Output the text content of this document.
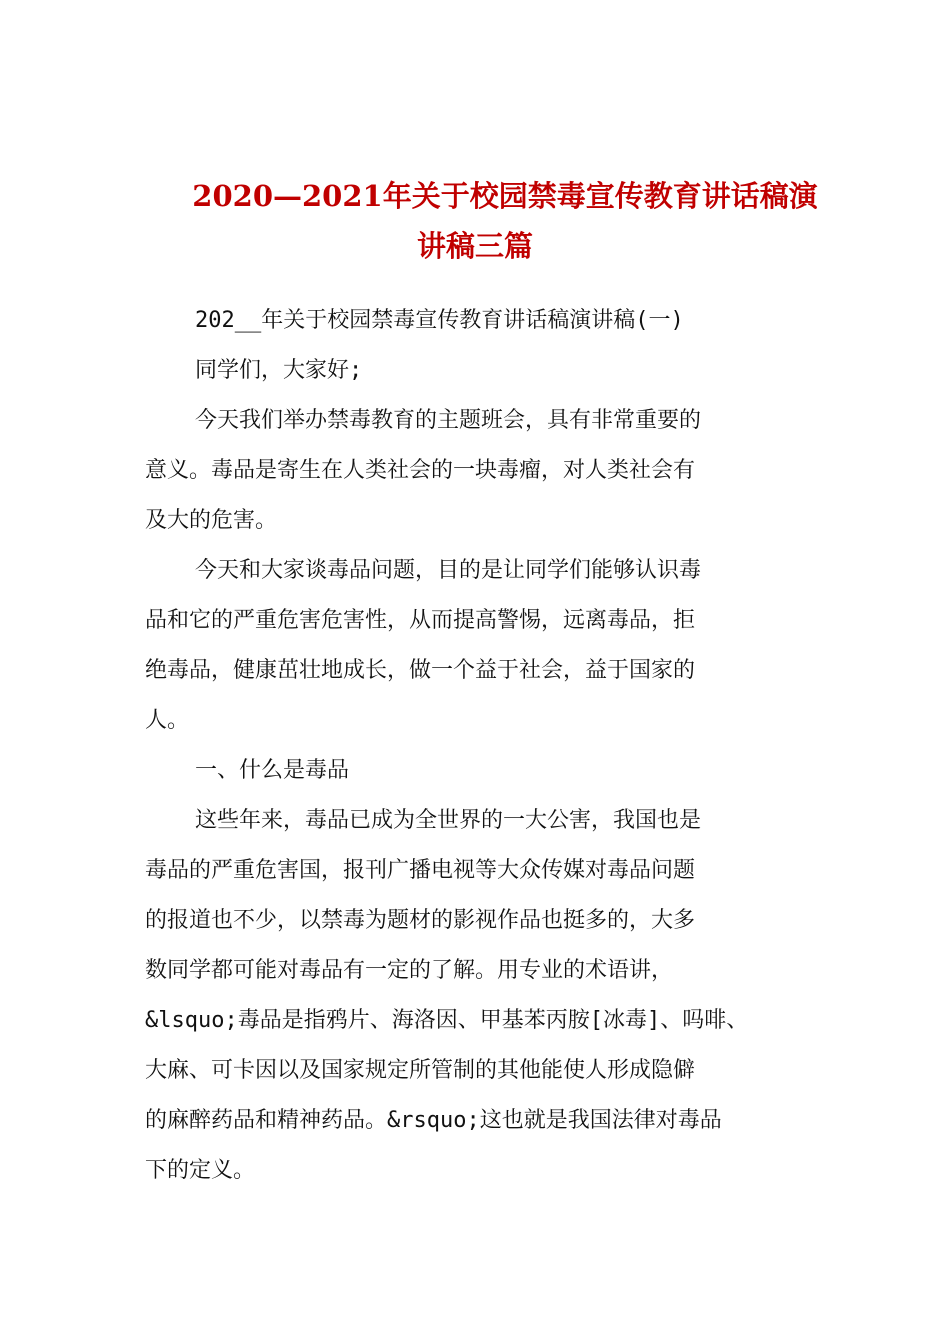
2020—2021年关于校园禁毒宣传教育讲话稿演
讲稿三篇
202__年关于校园禁毒宣传教育讲话稿演讲稿(一)
同学们，大家好;
今天我们举办禁毒教育的主题班会，具有非常重要的
意义。毒品是寄生在人类社会的一块毒瘤，对人类社会有
及大的危害。
今天和大家谈毒品问题，目的是让同学们能够认识毒
品和它的严重危害危害性，从而提高警惕，远离毒品，拒
绝毒品，健康茁壮地成长，做一个益于社会，益于国家的
人。
一、什么是毒品
这些年来，毒品已成为全世界的一大公害，我国也是
毒品的严重危害国，报刊广播电视等大众传媒对毒品问题
的报道也不少，以禁毒为题材的影视作品也挺多的，大多
数同学都可能对毒品有一定的了解。用专业的术语讲，
&lsquo;毒品是指鸦片、海洛因、甲基苯丙胺[冰毒]、吗啡、
大麻、可卡因以及国家规定所管制的其他能使人形成隐僻
的麻醉药品和精神药品。&rsquo;这也就是我国法律对毒品
下的定义。
